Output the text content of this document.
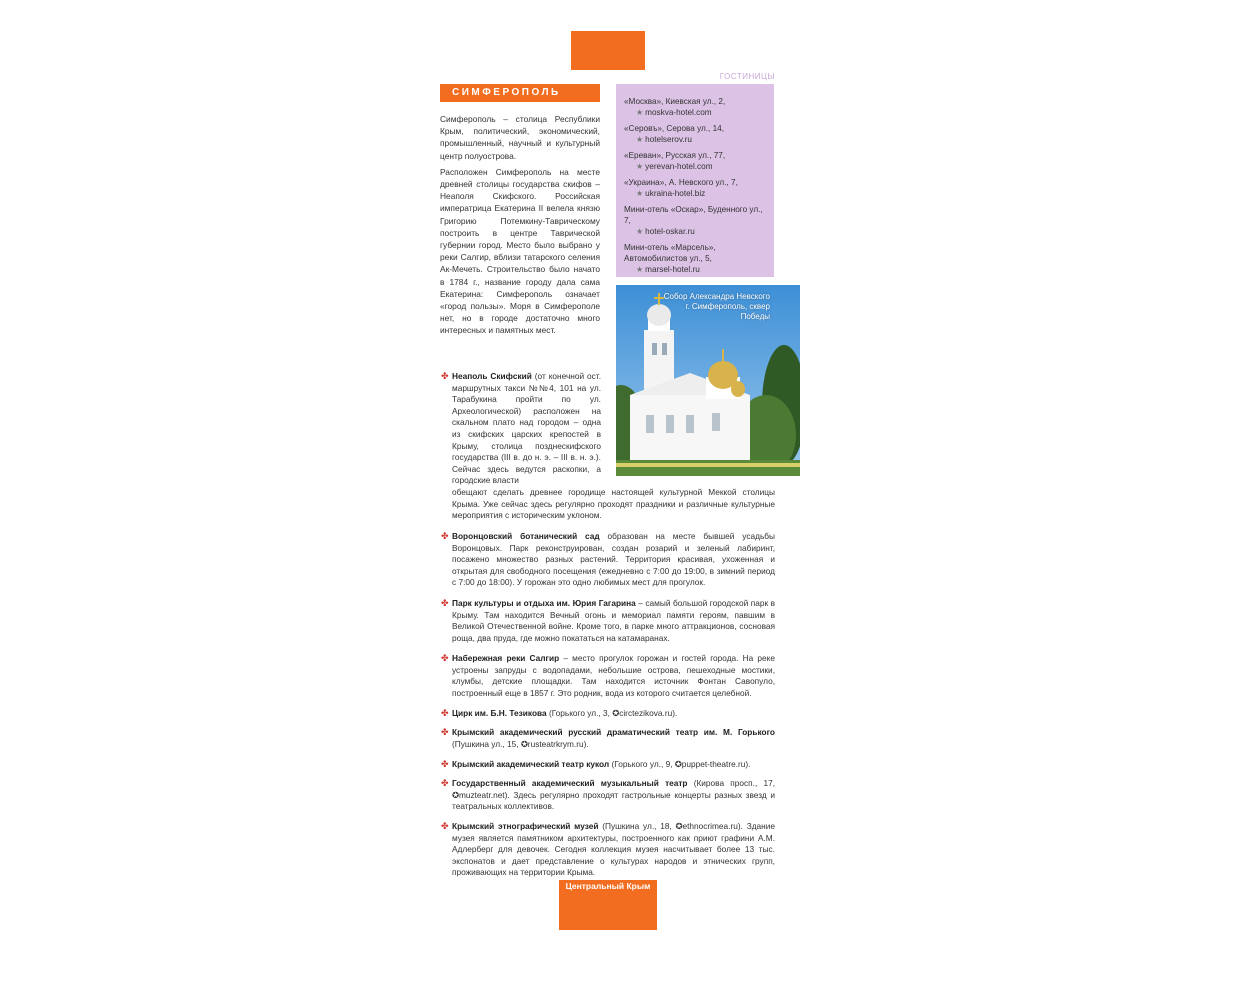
ГОСТИНИЦЫ
СИМФЕРОПОЛЬ
«Москва», Киевская ул., 2,
★ moskva-hotel.com
«Серовъ», Серова ул., 14,
★ hotelserov.ru
«Ереван», Русская ул., 77,
★ yerevan-hotel.com
«Украина», А. Невского ул., 7,
★ ukraina-hotel.biz
Мини-отель «Оскар», Буденного ул., 7,
★ hotel-oskar.ru
Мини-отель «Марсель», Автомобилистов ул., 5,
★ marsel-hotel.ru
Собор Александра Невского
г. Симферополь, сквер Победы

Симферополь – столица Республики Крым, политический, экономический, промышленный, научный и культурный центр полуострова.

Расположен Симферополь на месте древней столицы государства скифов – Неаполя Скифского. Российская императрица Екатерина II велела князю Григорию Потемкину-Таврическому построить в центре Таврической губернии город. Место было выбрано у реки Салгир, вблизи татарского селения Ак-Мечеть. Строительство было начато в 1784 г., название городу дала сама Екатерина: Симферополь означает «город пользы». Моря в Симферополе нет, но в городе достаточно много интересных и памятных мест.

✤ Неаполь Скифский (от конечной ост. маршрутных такси №№4, 101 на ул. Тарабукина пройти по ул. Археологической) расположен на скальном плато над городом – одна из скифских царских крепостей в Крыму, столица позднескифского государства (III в. до н. э. – III в. н. э.). Сейчас здесь ведутся раскопки, а городские власти
обещают сделать древнее городище настоящей культурной Меккой столицы Крыма. Уже сейчас здесь регулярно проходят праздники и различные культурные мероприятия с историческим уклоном.
✤ Воронцовский ботанический сад образован на месте бывшей усадьбы Воронцовых. Парк реконструирован, создан розарий и зеленый лабиринт, посажено множество разных растений. Территория красивая, ухоженная и открытая для свободного посещения (ежедневно с 7:00 до 19:00, в зимний период с 7:00 до 18:00). У горожан это одно любимых мест для прогулок.
✤ Парк культуры и отдыха им. Юрия Гагарина – самый большой городской парк в Крыму. Там находится Вечный огонь и мемориал памяти героям, павшим в Великой Отечественной войне. Кроме того, в парке много аттракционов, сосновая роща, два пруда, где можно покататься на катамаранах.
✤ Набережная реки Салгир – место прогулок горожан и гостей города. На реке устроены запруды с водопадами, небольшие острова, пешеходные мостики, клумбы, детские площадки. Там находится источник Фонтан Савопуло, построенный еще в 1857 г. Это родник, вода из которого считается целебной.
✤ Цирк им. Б.Н. Тезикова (Горького ул., 3, ✪circtezikova.ru).
✤ Крымский академический русский драматический театр им. М. Горького (Пушкина ул., 15, ✪rusteatrkrym.ru).
✤ Крымский академический театр кукол (Горького ул., 9, ✪puppet-theatre.ru).
✤ Государственный академический музыкальный театр (Кирова просп., 17, ✪muzteatr.net). Здесь регулярно проходят гастрольные концерты разных звезд и театральных коллективов.
✤ Крымский этнографический музей (Пушкина ул., 18, ✪ethnocrimea.ru). Здание музея является памятником архитектуры, построенного как приют графини А.М. Адлерберг для девочек. Сегодня коллекция музея насчитывает более 13 тыс. экспонатов и дает представление о культурах народов и этнических групп, проживающих на территории Крыма.
Центральный Крым
